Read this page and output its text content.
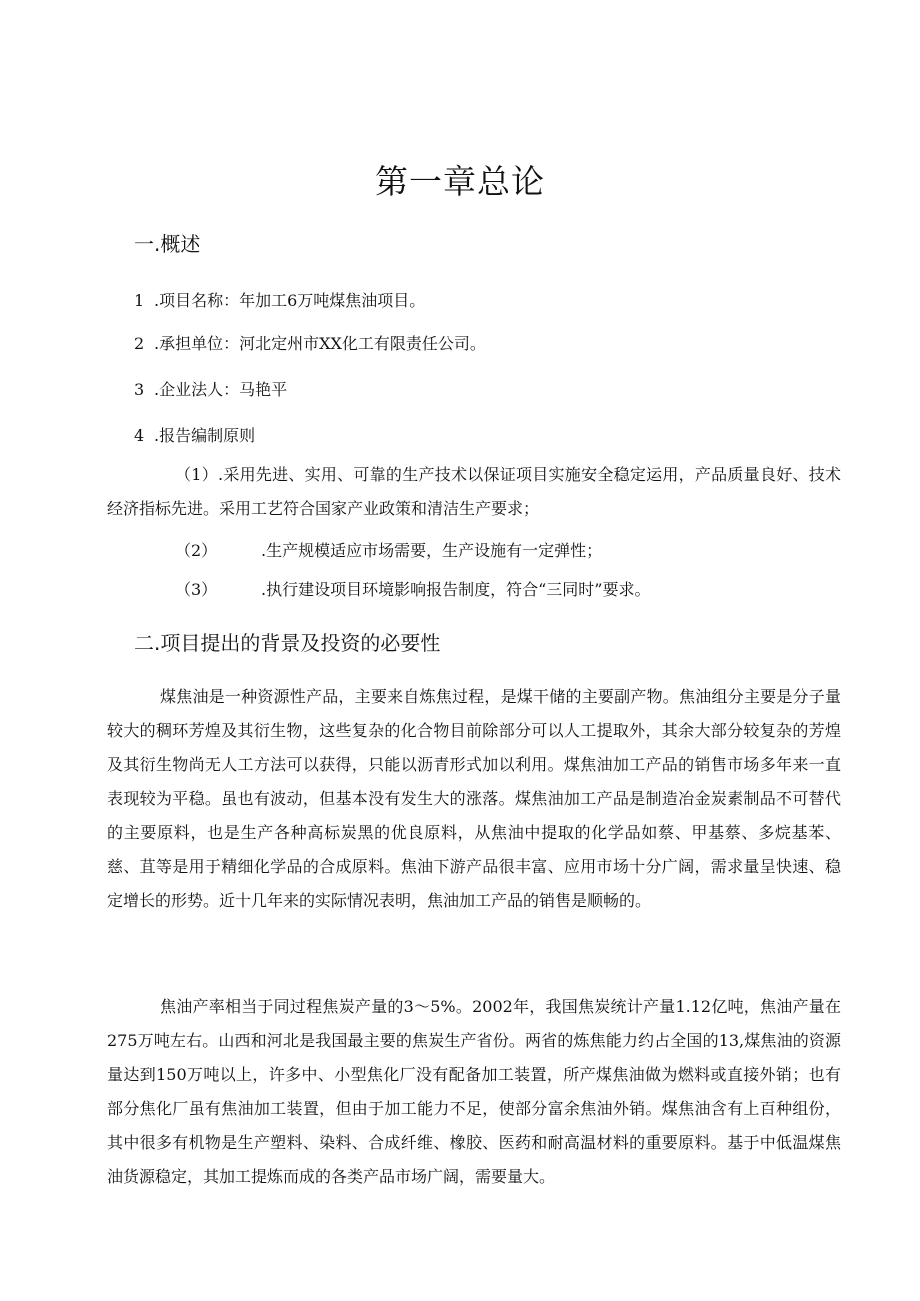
第一章总论
一.概述

1 .项目名称：年加工6万吨煤焦油项目。

2 .承担单位：河北定州市XX化工有限责任公司。

3 .企业法人：马艳平

4 .报告编制原则

（1）.采用先进、实用、可靠的生产技术以保证项目实施安全稳定运用，产品质量良好、技术经济指标先进。采用工艺符合国家产业政策和清洁生产要求；

（2）	.生产规模适应市场需要，生产设施有一定弹性；
（3）	.执行建设项目环境影响报告制度，符合“三同时”要求。
二.项目提出的背景及投资的必要性

煤焦油是一种资源性产品，主要来自炼焦过程，是煤干储的主要副产物。焦油组分主要是分子量较大的稠环芳煌及其衍生物，这些复杂的化合物目前除部分可以人工提取外，其余大部分较复杂的芳煌及其衍生物尚无人工方法可以获得，只能以沥青形式加以利用。煤焦油加工产品的销售市场多年来一直表现较为平稳。虽也有波动，但基本没有发生大的涨落。煤焦油加工产品是制造冶金炭素制品不可替代的主要原料，也是生产各种高标炭黑的优良原料，从焦油中提取的化学品如蔡、甲基蔡、多烷基苯、慈、苴等是用于精细化学品的合成原料。焦油下游产品很丰富、应用市场十分广阔，需求量呈快速、稳定增长的形势。近十几年来的实际情况表明，焦油加工产品的销售是顺畅的。

焦油产率相当于同过程焦炭产量的3～5%。2002年，我国焦炭统计产量1.12亿吨，焦油产量在275万吨左右。山西和河北是我国最主要的焦炭生产省份。两省的炼焦能力约占全国的13,煤焦油的资源量达到150万吨以上，许多中、小型焦化厂没有配备加工装置，所产煤焦油做为燃料或直接外销；也有部分焦化厂虽有焦油加工装置，但由于加工能力不足，使部分富余焦油外销。煤焦油含有上百种组份，其中很多有机物是生产塑料、染料、合成纤维、橡胶、医药和耐高温材料的重要原料。基于中低温煤焦油货源稳定，其加工提炼而成的各类产品市场广阔，需要量大。
